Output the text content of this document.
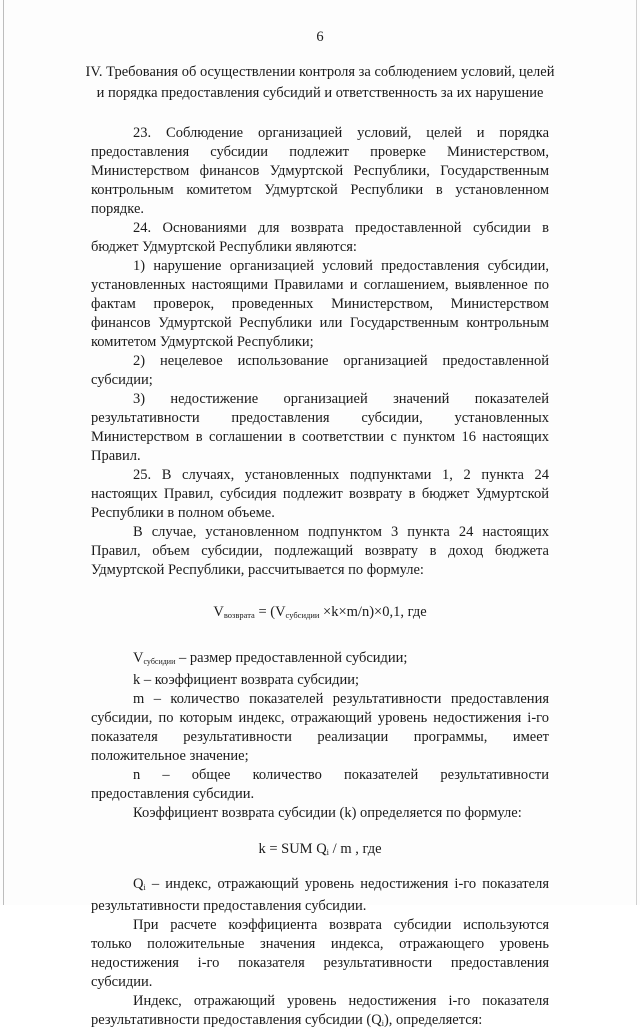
6
IV. Требования об осуществлении контроля за соблюдением условий, целей и порядка предоставления субсидий и ответственность за их нарушение

23. Соблюдение организацией условий, целей и порядка предоставления субсидии подлежит проверке Министерством, Министерством финансов Удмуртской Республики, Государственным контрольным комитетом Удмуртской Республики в установленном порядке.

24. Основаниями для возврата предоставленной субсидии в бюджет Удмуртской Республики являются:

1) нарушение организацией условий предоставления субсидии, установленных настоящими Правилами и соглашением, выявленное по фактам проверок, проведенных Министерством, Министерством финансов Удмуртской Республики или Государственным контрольным комитетом Удмуртской Республики;

2) нецелевое использование организацией предоставленной субсидии;

3) недостижение организацией значений показателей результативности предоставления субсидии, установленных Министерством в соглашении в соответствии с пунктом 16 настоящих Правил.

25. В случаях, установленных подпунктами 1, 2 пункта 24 настоящих Правил, субсидия подлежит возврату в бюджет Удмуртской Республики в полном объеме.

В случае, установленном подпунктом 3 пункта 24 настоящих Правил, объем субсидии, подлежащий возврату в доход бюджета Удмуртской Республики, рассчитывается по формуле:

$V_{возврата} = (V_{субсидии} \times k\times m/n)\times 0,1$, где

$V_{субсидии}$ – размер предоставленной субсидии;

k – коэффициент возврата субсидии;

m – количество показателей результативности предоставления субсидии, по которым индекс, отражающий уровень недостижения i-го показателя результативности реализации программы, имеет положительное значение;

n – общее количество показателей результативности предоставления субсидии.

Коэффициент возврата субсидии (k) определяется по формуле:

k = SUM $Q_i$ / m , где

$Q_i$ – индекс, отражающий уровень недостижения i-го показателя результативности предоставления субсидии.

При расчете коэффициента возврата субсидии используются только положительные значения индекса, отражающего уровень недостижения i-го показателя результативности предоставления субсидии.

Индекс, отражающий уровень недостижения i-го показателя результативности предоставления субсидии $(Q_i)$, определяется:
